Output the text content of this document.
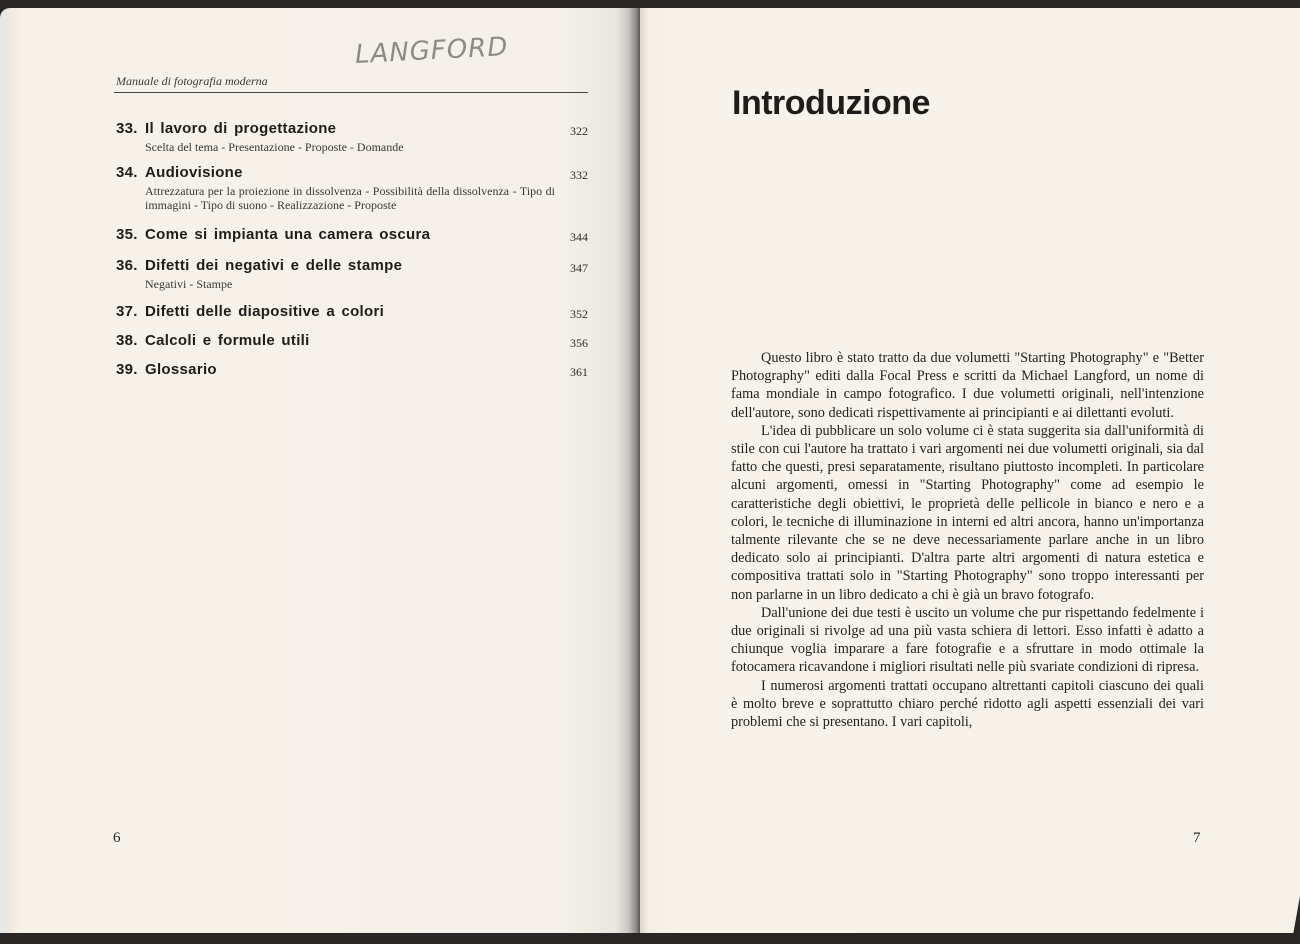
LANGFORD
Manuale di fotografia moderna
33. Il lavoro di progettazione	322
Scelta del tema - Presentazione - Proposte - Domande
34. Audiovisione	332
Attrezzatura per la proiezione in dissolvenza - Possibilità della dissolvenza - Tipo di immagini - Tipo di suono - Realizzazione - Proposte
35. Come si impianta una camera oscura	344
36. Difetti dei negativi e delle stampe	347
Negativi - Stampe
37. Difetti delle diapositive a colori	352
38. Calcoli e formule utili	356
39. Glossario	361
6
Introduzione

Questo libro è stato tratto da due volumetti "Starting Photography" e "Better Photography" editi dalla Focal Press e scritti da Michael Langford, un nome di fama mondiale in campo fotografico. I due volumetti originali, nell'intenzione dell'autore, sono dedicati rispettivamente ai principianti e ai dilettanti evoluti.

L'idea di pubblicare un solo volume ci è stata suggerita sia dall'uniformità di stile con cui l'autore ha trattato i vari argomenti nei due volumetti originali, sia dal fatto che questi, presi separatamente, risultano piuttosto incompleti. In particolare alcuni argomenti, omessi in "Starting Photography" come ad esempio le caratteristiche degli obiettivi, le proprietà delle pellicole in bianco e nero e a colori, le tecniche di illuminazione in interni ed altri ancora, hanno un'importanza talmente rilevante che se ne deve necessariamente parlare anche in un libro dedicato solo ai principianti. D'altra parte altri argomenti di natura estetica e compositiva trattati solo in "Starting Photography" sono troppo interessanti per non parlarne in un libro dedicato a chi è già un bravo fotografo.

Dall'unione dei due testi è uscito un volume che pur rispettando fedelmente i due originali si rivolge ad una più vasta schiera di lettori. Esso infatti è adatto a chiunque voglia imparare a fare fotografie e a sfruttare in modo ottimale la fotocamera ricavandone i migliori risultati nelle più svariate condizioni di ripresa.

I numerosi argomenti trattati occupano altrettanti capitoli ciascuno dei quali è molto breve e soprattutto chiaro perché ridotto agli aspetti essenziali dei vari problemi che si presentano. I vari capitoli,

7
